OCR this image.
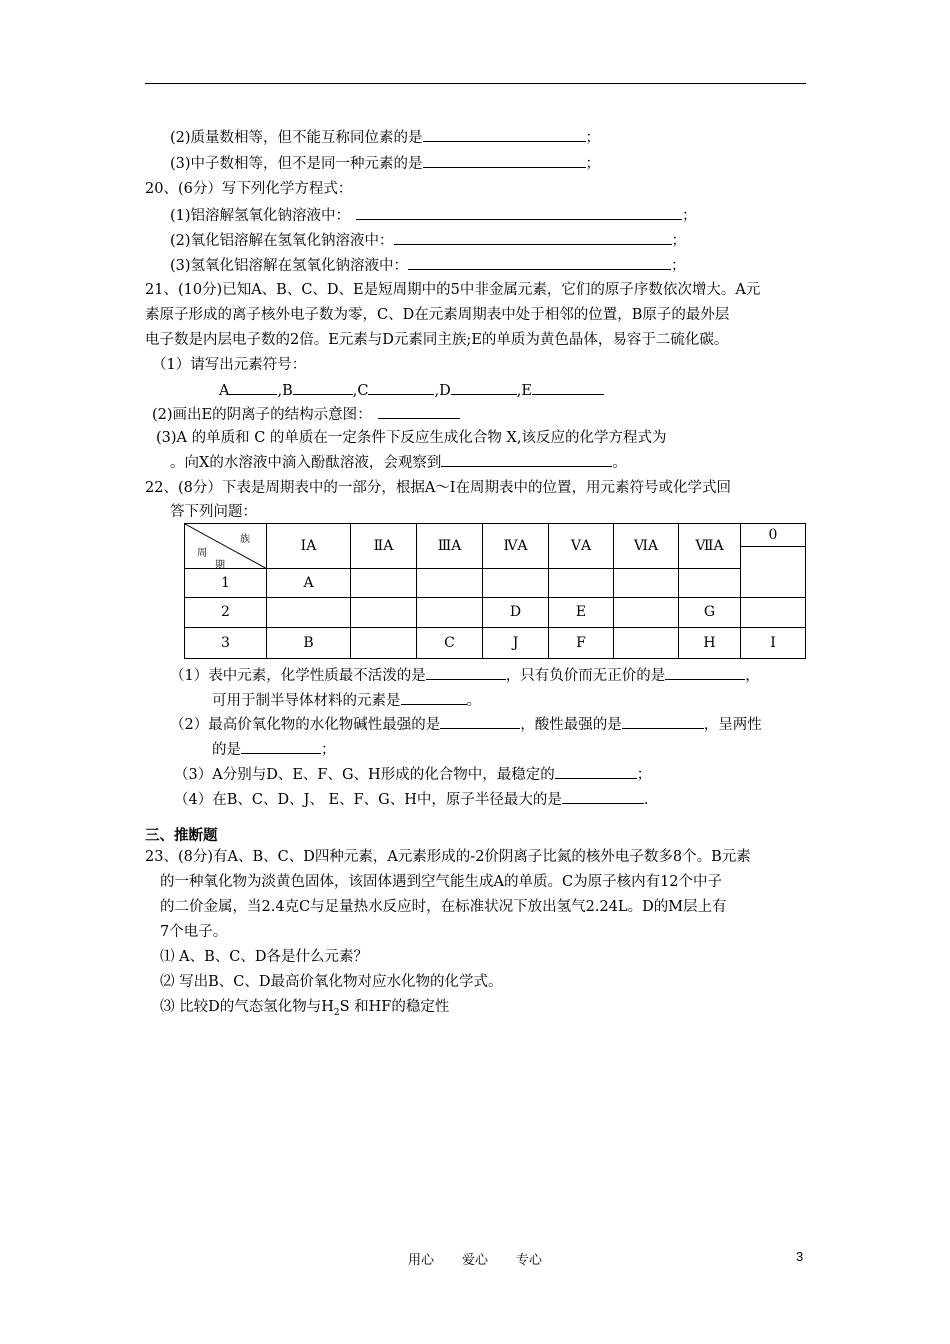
(2)质量数相等，但不能互称同位素的是	；
(3)中子数相等，但不是同一种元素的是	；
20、(6分）写下列化学方程式：
(1)铝溶解氢氧化钠溶液中：	；
(2)氧化铝溶解在氢氧化钠溶液中：	；
(3)氢氧化铝溶解在氢氧化钠溶液中：	；
21、(10分)已知A、B、C、D、E是短周期中的5中非金属元素，它们的原子序数依次增大。A元
素原子形成的离子核外电子数为零，C、D在元素周期表中处于相邻的位置，B原子的最外层
电子数是内层电子数的2倍。E元素与D元素同主族;E的单质为黄色晶体，易容于二硫化碳。
（1）请写出元素符号：
A	,B	,C	,D	,E
(2)画出E的阴离子的结构示意图：
(3)A 的单质和 C 的单质在一定条件下反应生成化合物 X,该反应的化学方程式为
。向X的水溶液中滴入酚酞溶液，会观察到	。
22、(8分）下表是周期表中的一部分，根据A～I在周期表中的位置，用元素符号或化学式回
答下列问题：
族
周
期	ⅠA	ⅡA	ⅢA	ⅣA	ⅤA	ⅥA	ⅦA	0

1	A							
2				D	E		G	
3	B		C	J	F		H	I
（1）表中元素，化学性质最不活泼的是	，只有负价而无正价的是	，
可用于制半导体材料的元素是	。
（2）最高价氧化物的水化物碱性最强的是	，酸性最强的是	，呈两性
的是	；
（3）A分别与D、E、F、G、H形成的化合物中，最稳定的	；
（4）在B、C、D、J、 E、F、G、H中，原子半径最大的是	.
三、推断题
23、(8分)有A、B、C、D四种元素，A元素形成的-2价阴离子比氮的核外电子数多8个。B元素
的一种氧化物为淡黄色固体，该固体遇到空气能生成A的单质。C为原子核内有12个中子
的二价金属，当2.4克C与足量热水反应时，在标准状况下放出氢气2.24L。D的M层上有
7个电子。
⑴ A、B、C、D各是什么元素？
⑵ 写出B、C、D最高价氧化物对应水化物的化学式。
⑶ 比较D的气态氢化物与$H_2S$ 和HF的稳定性
用心 爱心 专心	3
